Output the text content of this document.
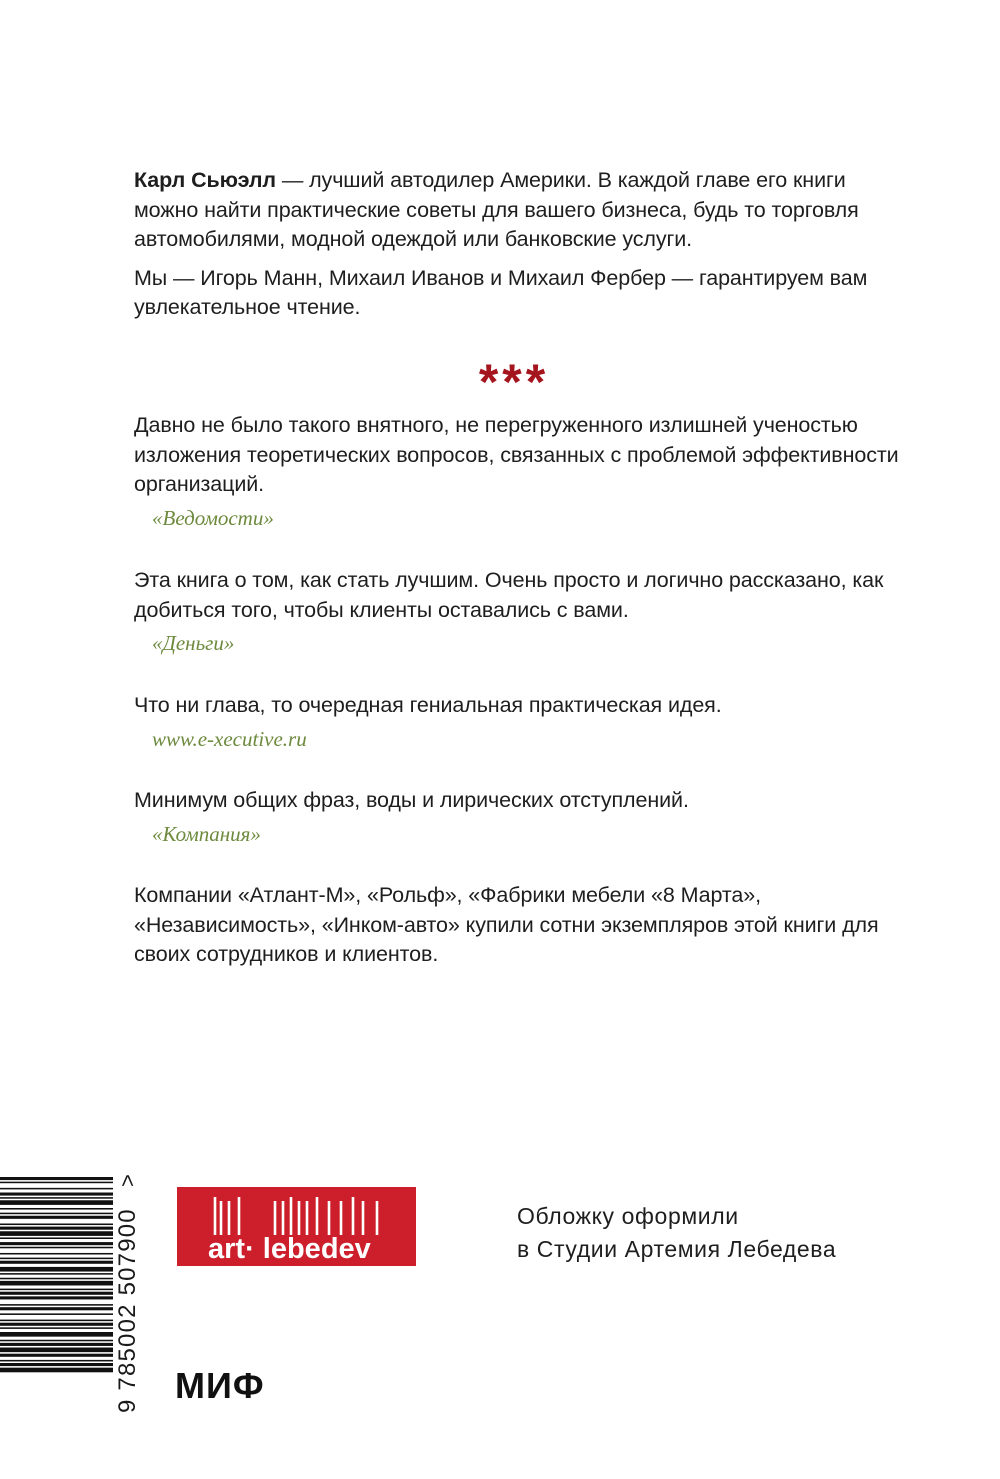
Карл Сьюэлл — лучший автодилер Америки. В каждой главе его книги можно найти практические советы для вашего бизнеса, будь то торговля автомобилями, модной одеждой или банковские услуги.

Мы — Игорь Манн, Михаил Иванов и Михаил Фербер — гарантируем вам увлекательное чтение.

***

Давно не было такого внятного, не перегруженного излишней ученостью изложения теоретических вопросов, связанных с проблемой эффективности организаций.

«Ведомости»

Эта книга о том, как стать лучшим. Очень просто и логично рассказано, как добиться того, чтобы клиенты оставались с вами.

«Деньги»

Что ни глава, то очередная гениальная практическая идея.

www.e-xecutive.ru

Минимум общих фраз, воды и лирических отступлений.

«Компания»

Компании «Атлант-М», «Рольф», «Фабрики мебели «8 Марта», «Независимость», «Инком-авто» купили сотни экземпляров этой книги для своих сотрудников и клиентов.

9 785002 507900
>
art· lebedev
Обложку оформили
в Студии Артемия Лебедева
МИФ
